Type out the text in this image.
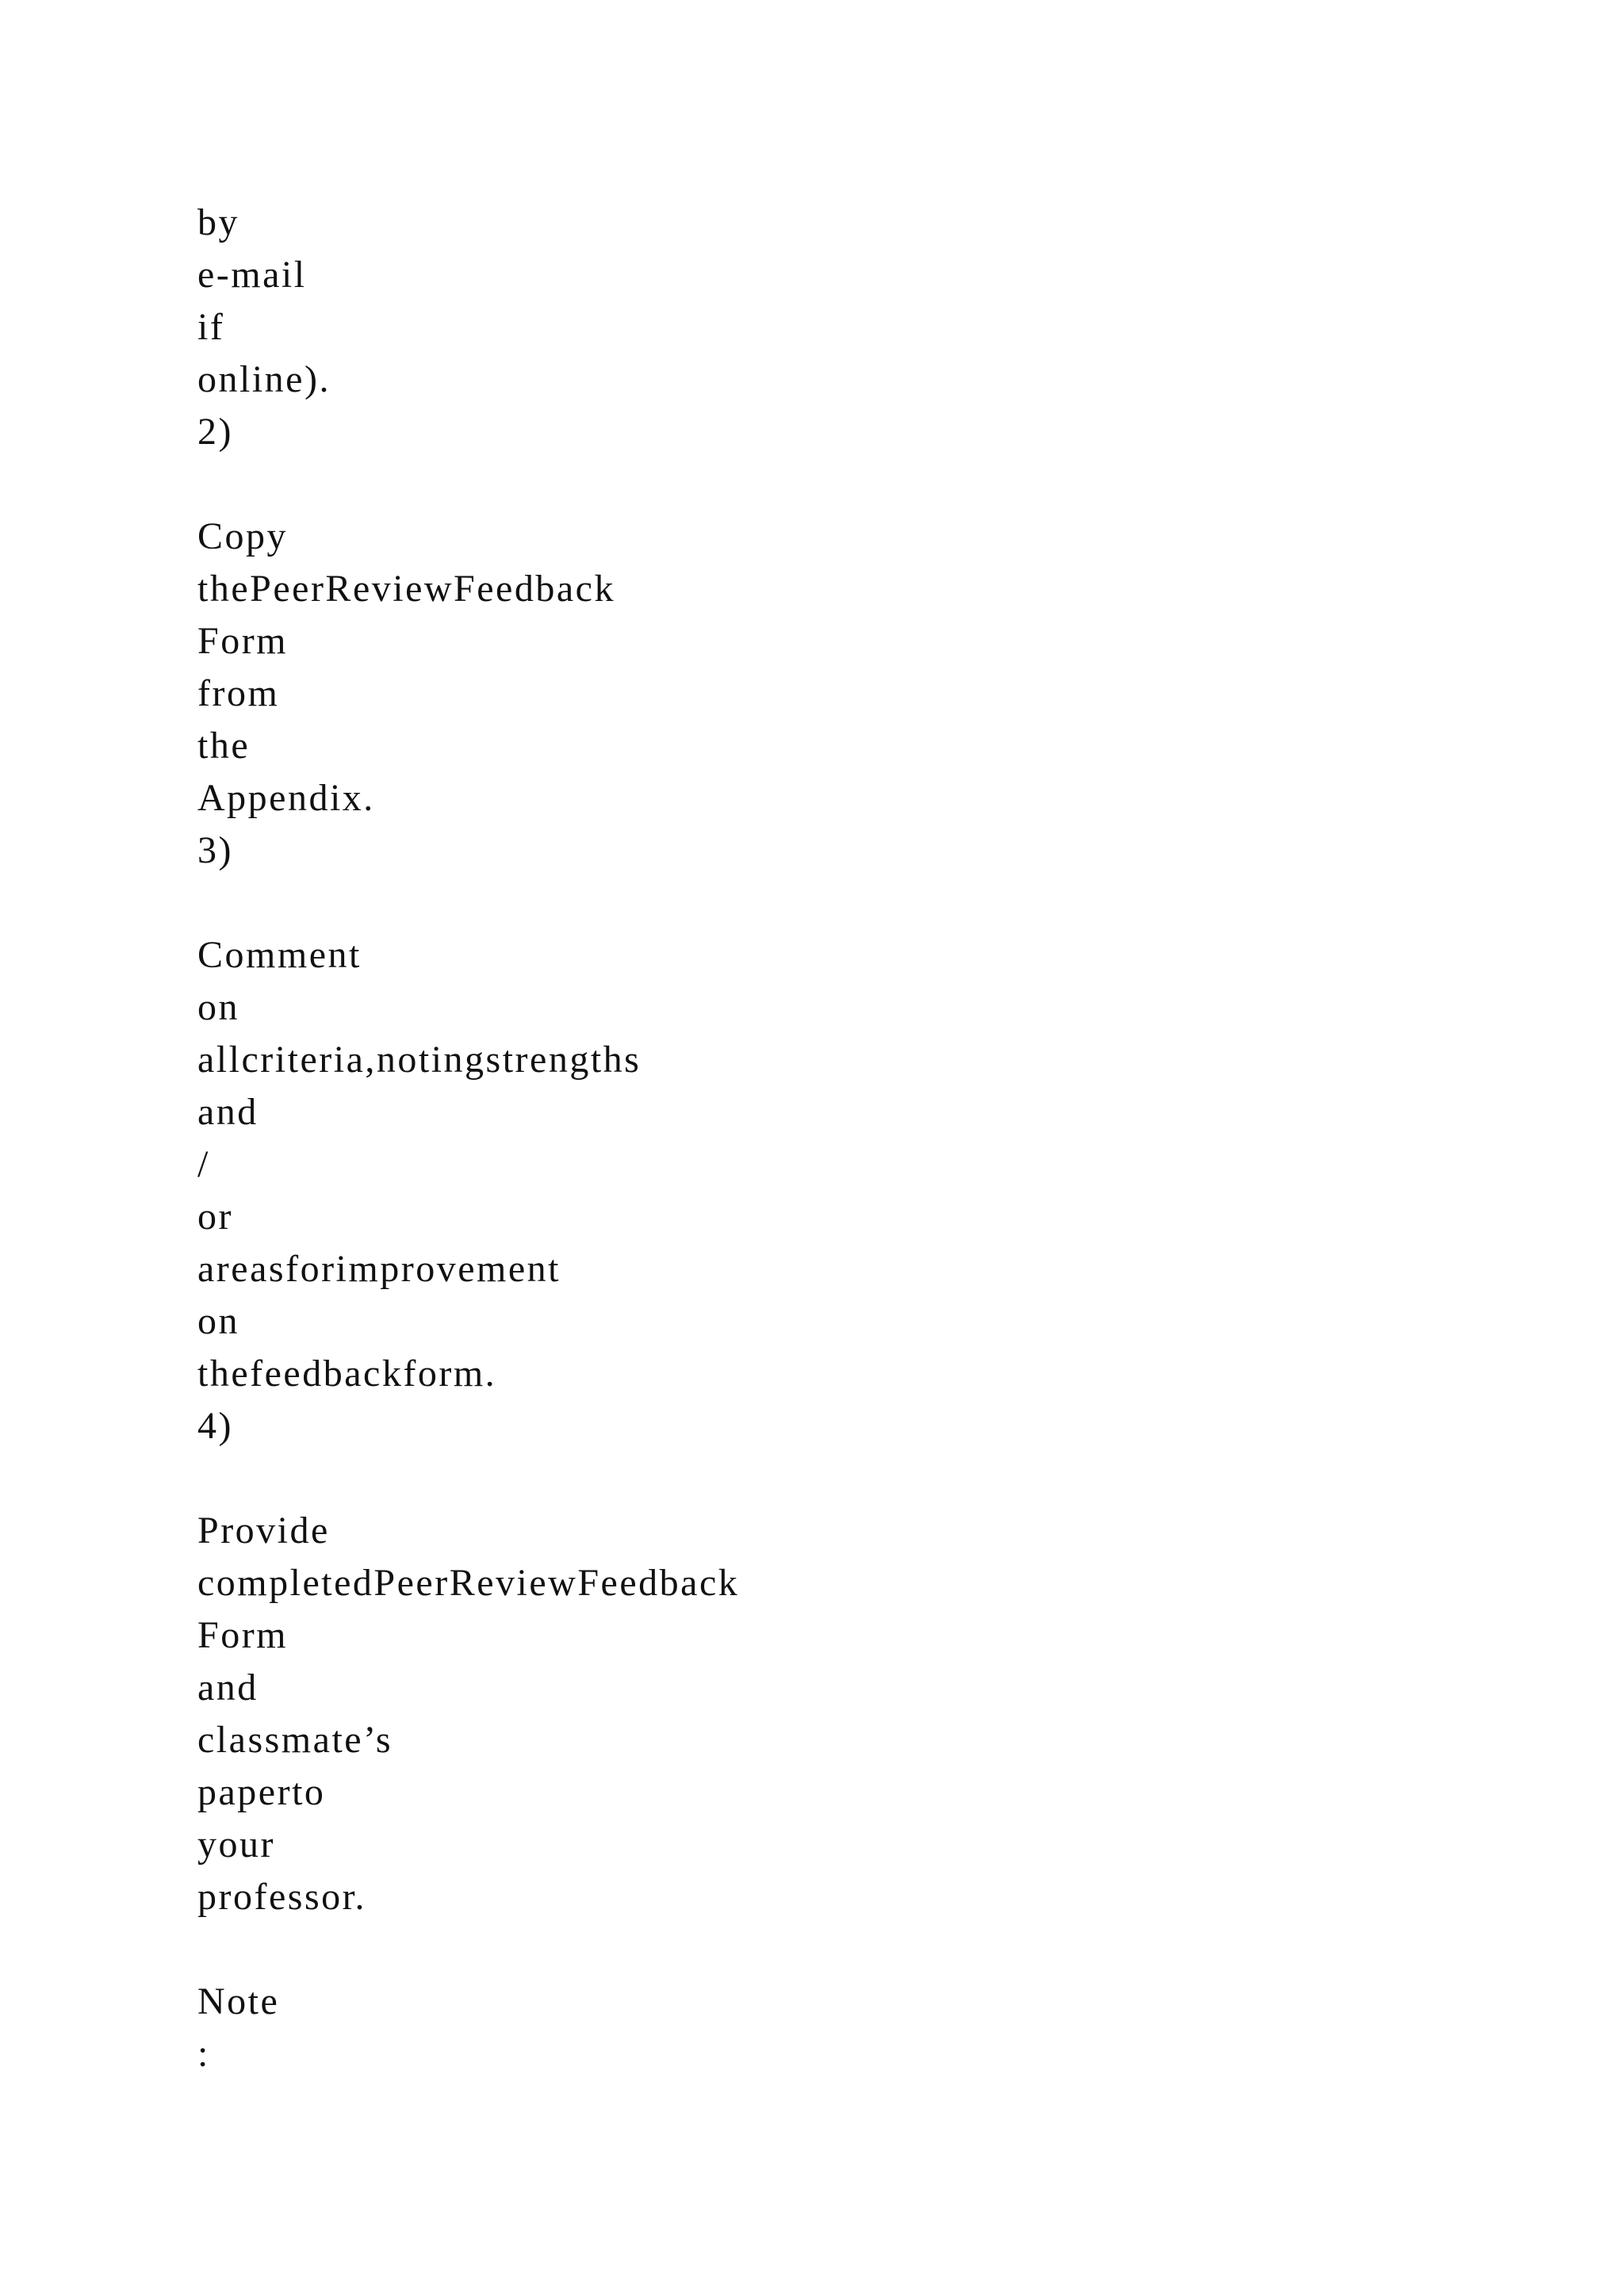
by
e-mail
if
online).
2)
Copy
thePeerReviewFeedback
Form
from
the
Appendix.
3)
Comment
on
allcriteria,notingstrengths
and
/
or
areasforimprovement
on
thefeedbackform.
4)
Provide
completedPeerReviewFeedback
Form
and
classmate’s
paperto
your
professor.
Note
:
